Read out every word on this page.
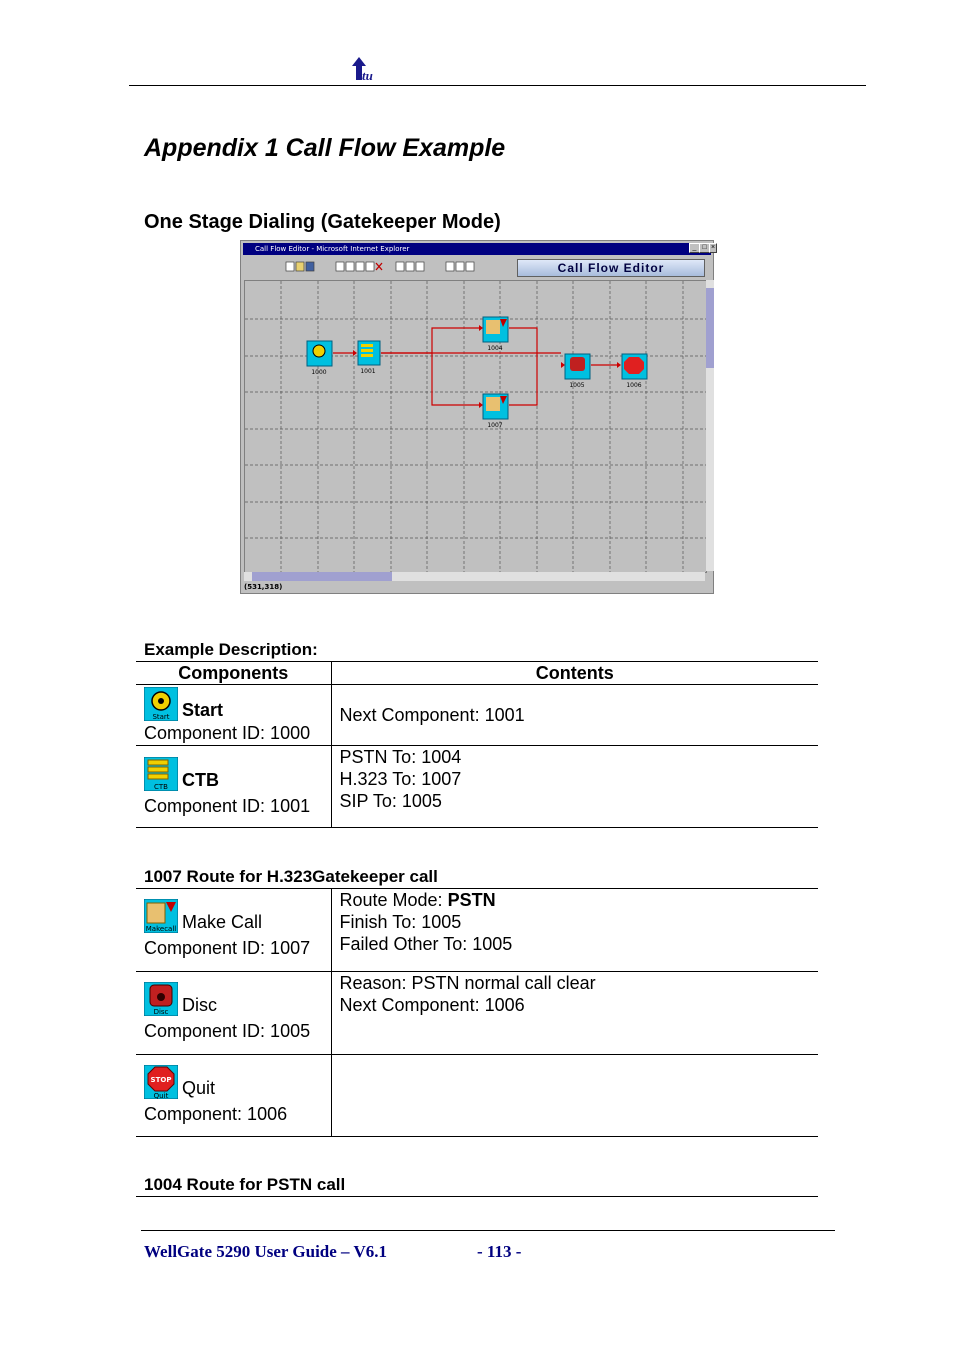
tu
Appendix 1 Call Flow Example
One Stage Dialing (Gatekeeper Mode)
Call Flow Editor - Microsoft Internet Explorer	_ □ ×
Call Flow Editor
1000	1001
1004
1007
1005	1006
(531,318)
Example Description:
Components	Contents

Start Start
Component ID: 1000	Next Component: 1001

CTB CTB
Component ID: 1001	PSTN To: 1004
H.323 To: 1007
SIP To: 1005

1007 Route for H.323Gatekeeper call
Makecall Make Call
Component ID: 1007	Route Mode: PSTN
Finish To: 1005
Failed Other To: 1005

Disc Disc
Component ID: 1005	Reason: PSTN normal call clear
Next Component: 1006

STOP
Quit Quit
Component: 1006	

1004 Route for PSTN call
WellGate 5290 User Guide – V6.1	- 113 -
